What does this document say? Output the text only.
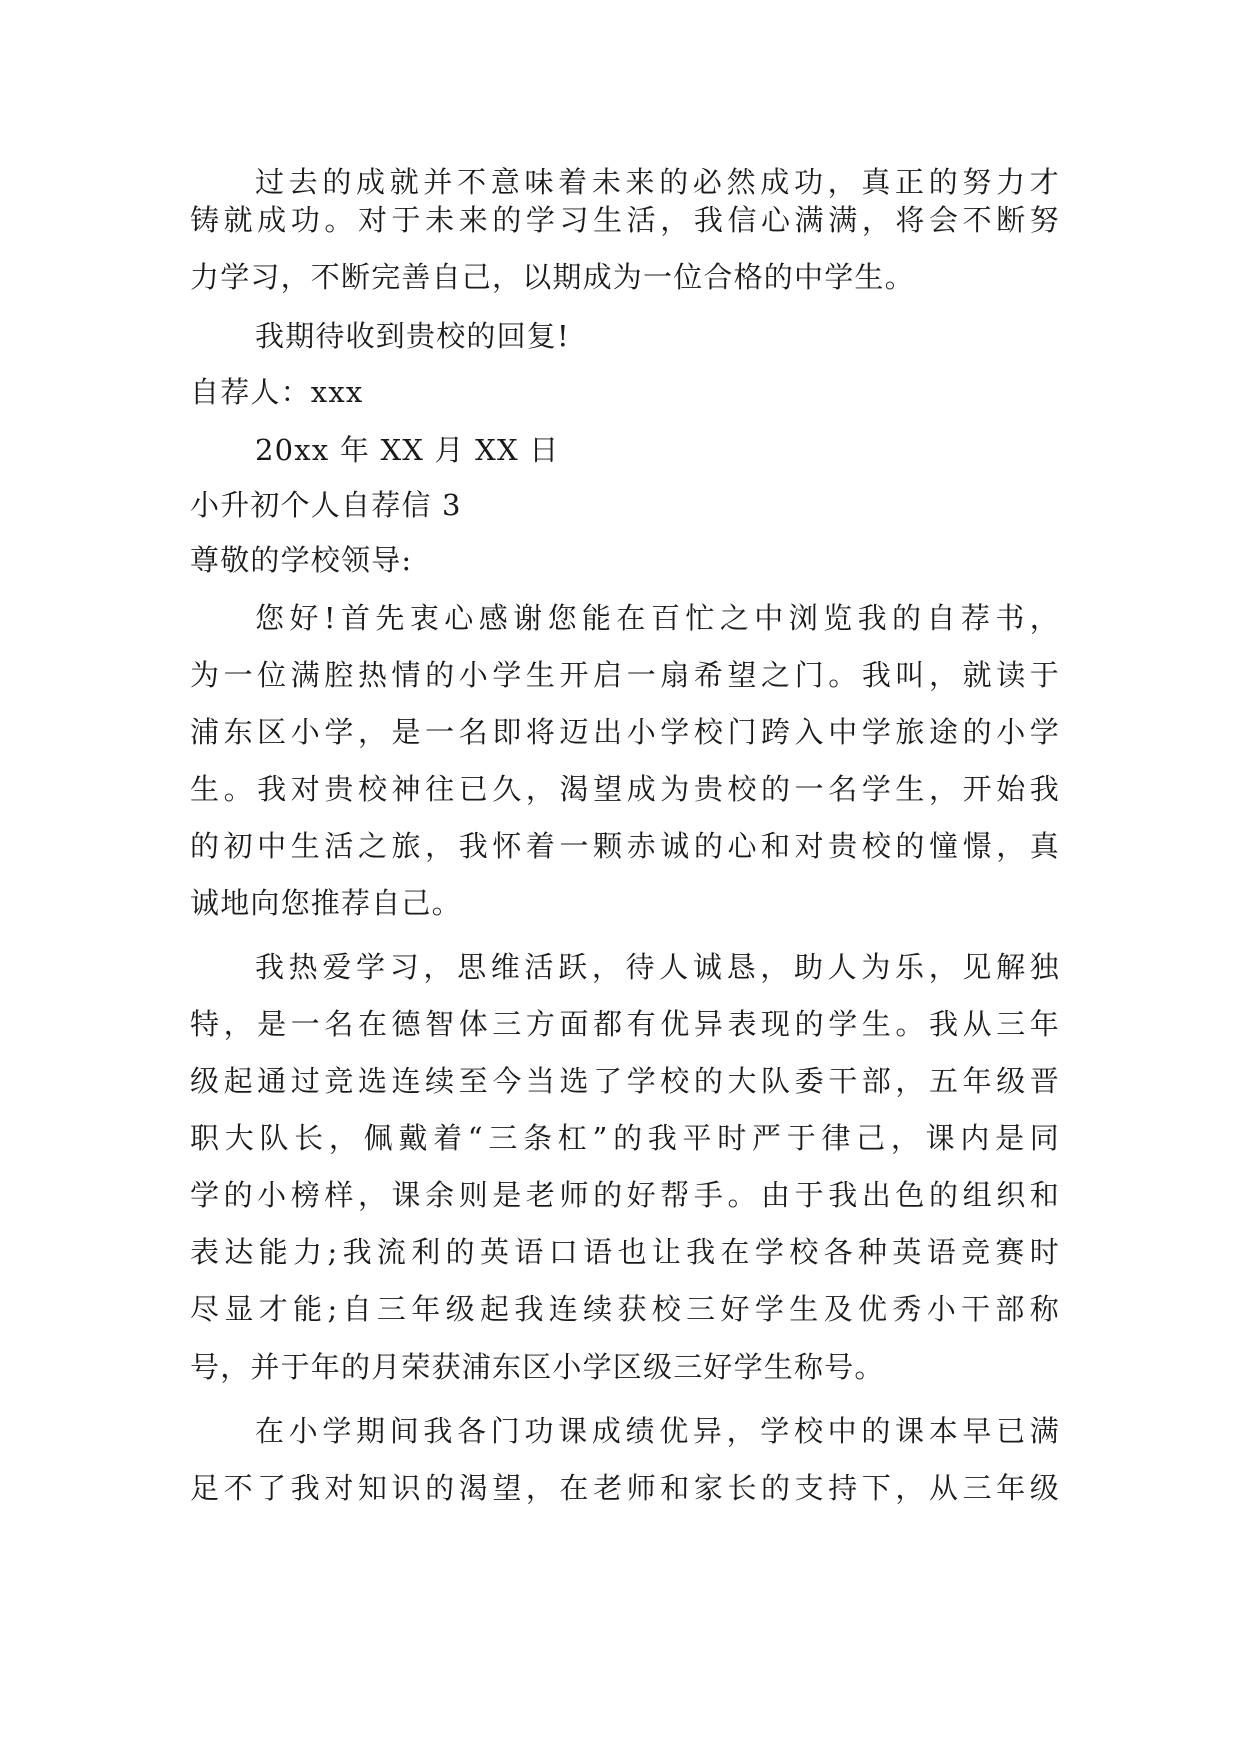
过去的成就并不意味着未来的必然成功，真正的努力才
铸就成功。对于未来的学习生活，我信心满满，将会不断努
力学习，不断完善自己，以期成为一位合格的中学生。
我期待收到贵校的回复!
自荐人：xxx
20xx 年 XX 月 XX 日
小升初个人自荐信 3
尊敬的学校领导:
您好!首先衷心感谢您能在百忙之中浏览我的自荐书，
为一位满腔热情的小学生开启一扇希望之门。我叫，就读于
浦东区小学，是一名即将迈出小学校门跨入中学旅途的小学
生。我对贵校神往已久，渴望成为贵校的一名学生，开始我
的初中生活之旅，我怀着一颗赤诚的心和对贵校的憧憬，真
诚地向您推荐自己。
我热爱学习，思维活跃，待人诚恳，助人为乐，见解独
特，是一名在德智体三方面都有优异表现的学生。我从三年
级起通过竞选连续至今当选了学校的大队委干部，五年级晋
职大队长，佩戴着“三条杠”的我平时严于律己，课内是同
学的小榜样，课余则是老师的好帮手。由于我出色的组织和
表达能力;我流利的英语口语也让我在学校各种英语竞赛时
尽显才能;自三年级起我连续获校三好学生及优秀小干部称
号，并于年的月荣获浦东区小学区级三好学生称号。
在小学期间我各门功课成绩优异，学校中的课本早已满
足不了我对知识的渴望，在老师和家长的支持下，从三年级
